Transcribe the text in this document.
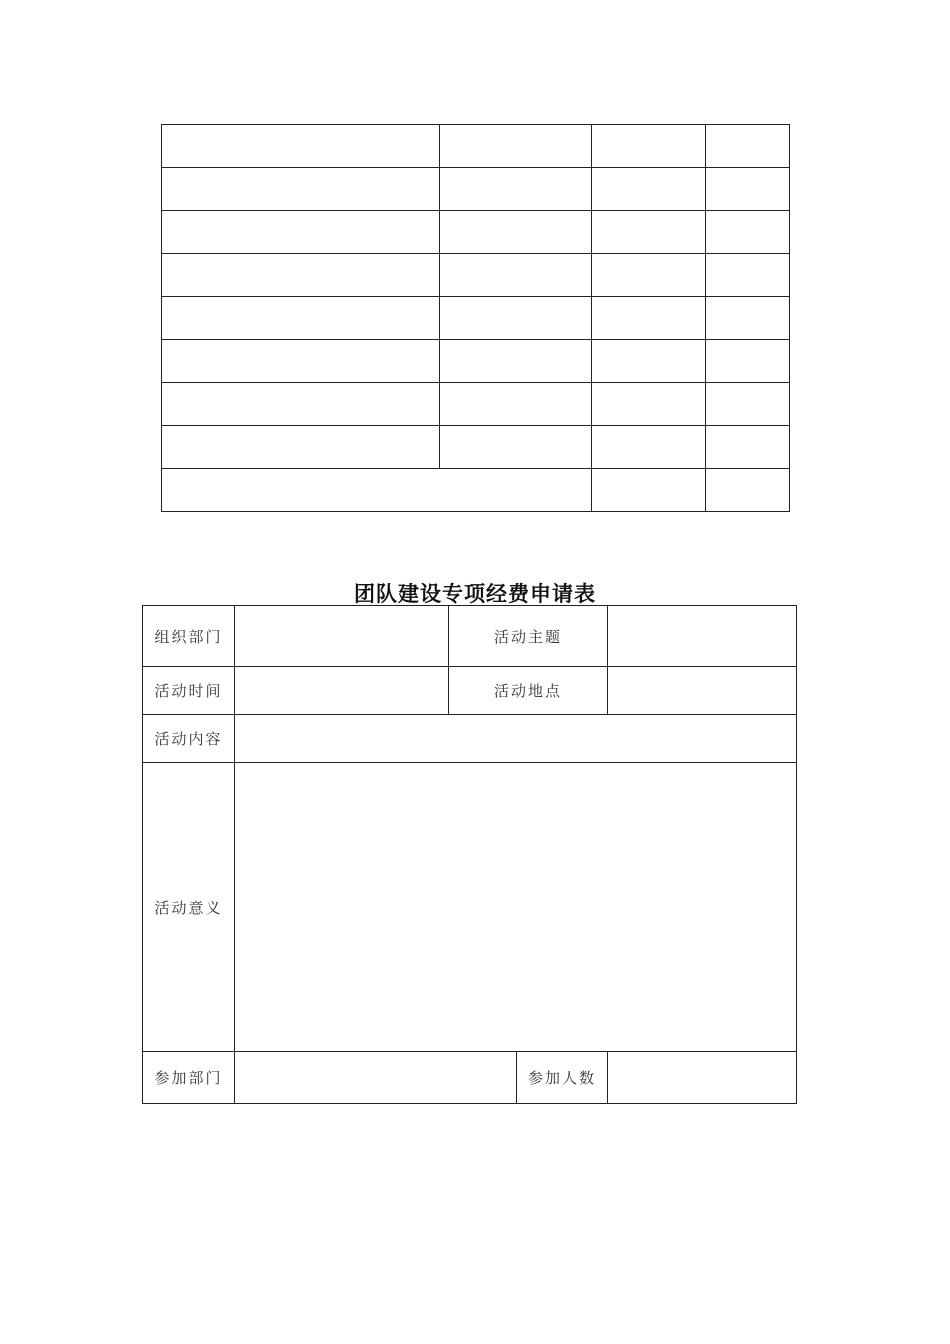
团队建设专项经费申请表
组织部门		活动主题		
活动时间		活动地点		
活动内容				
活动意义				
参加部门			参加人数	
